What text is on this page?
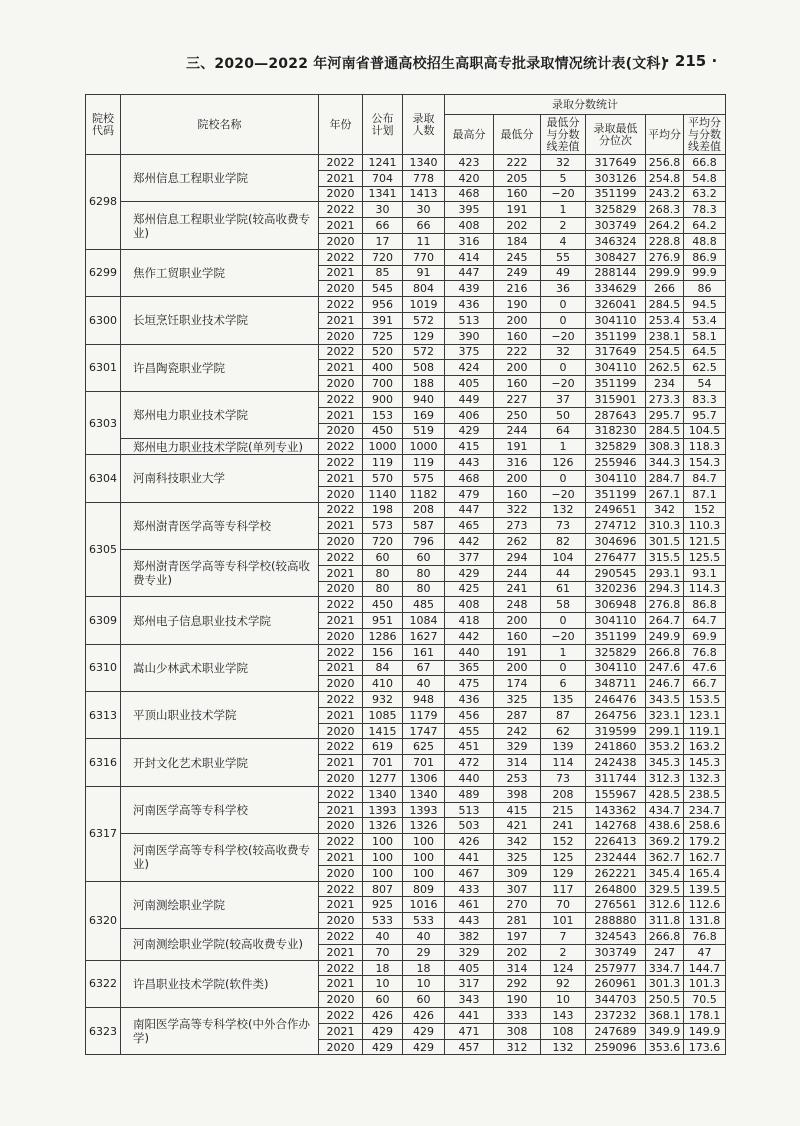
三、2020—2022 年河南省普通高校招生高职高专批录取情况统计表(文科)
· 215 ·
院校代码	院校名称	年份	公布计划	录取人数	录取分数统计					
					最高分	最低分	最低分与分数线差值	录取最低分位次	平均分	平均分与分数线差值
6298	郑州信息工程职业学院	2022	1241	1340	423	222	32	317649	256.8	66.8
		2021	704	778	420	205	5	303126	254.8	54.8
		2020	1341	1413	468	160	−20	351199	243.2	63.2
	郑州信息工程职业学院(较高收费专业)	2022	30	30	395	191	1	325829	268.3	78.3
		2021	66	66	408	202	2	303749	264.2	64.2
		2020	17	11	316	184	4	346324	228.8	48.8
6299	焦作工贸职业学院	2022	720	770	414	245	55	308427	276.9	86.9
		2021	85	91	447	249	49	288144	299.9	99.9
		2020	545	804	439	216	36	334629	266	86
6300	长垣烹饪职业技术学院	2022	956	1019	436	190	0	326041	284.5	94.5
		2021	391	572	513	200	0	304110	253.4	53.4
		2020	725	129	390	160	−20	351199	238.1	58.1
6301	许昌陶瓷职业学院	2022	520	572	375	222	32	317649	254.5	64.5
		2021	400	508	424	200	0	304110	262.5	62.5
		2020	700	188	405	160	−20	351199	234	54
6303	郑州电力职业技术学院	2022	900	940	449	227	37	315901	273.3	83.3
		2021	153	169	406	250	50	287643	295.7	95.7
		2020	450	519	429	244	64	318230	284.5	104.5
	郑州电力职业技术学院(单列专业)	2022	1000	1000	415	191	1	325829	308.3	118.3
6304	河南科技职业大学	2022	119	119	443	316	126	255946	344.3	154.3
		2021	570	575	468	200	0	304110	284.7	84.7
		2020	1140	1182	479	160	−20	351199	267.1	87.1
6305	郑州澍青医学高等专科学校	2022	198	208	447	322	132	249651	342	152
		2021	573	587	465	273	73	274712	310.3	110.3
		2020	720	796	442	262	82	304696	301.5	121.5
	郑州澍青医学高等专科学校(较高收费专业)	2022	60	60	377	294	104	276477	315.5	125.5
		2021	80	80	429	244	44	290545	293.1	93.1
		2020	80	80	425	241	61	320236	294.3	114.3
6309	郑州电子信息职业技术学院	2022	450	485	408	248	58	306948	276.8	86.8
		2021	951	1084	418	200	0	304110	264.7	64.7
		2020	1286	1627	442	160	−20	351199	249.9	69.9
6310	嵩山少林武术职业学院	2022	156	161	440	191	1	325829	266.8	76.8
		2021	84	67	365	200	0	304110	247.6	47.6
		2020	410	40	475	174	6	348711	246.7	66.7
6313	平顶山职业技术学院	2022	932	948	436	325	135	246476	343.5	153.5
		2021	1085	1179	456	287	87	264756	323.1	123.1
		2020	1415	1747	455	242	62	319599	299.1	119.1
6316	开封文化艺术职业学院	2022	619	625	451	329	139	241860	353.2	163.2
		2021	701	701	472	314	114	242438	345.3	145.3
		2020	1277	1306	440	253	73	311744	312.3	132.3
6317	河南医学高等专科学校	2022	1340	1340	489	398	208	155967	428.5	238.5
		2021	1393	1393	513	415	215	143362	434.7	234.7
		2020	1326	1326	503	421	241	142768	438.6	258.6
	河南医学高等专科学校(较高收费专业)	2022	100	100	426	342	152	226413	369.2	179.2
		2021	100	100	441	325	125	232444	362.7	162.7
		2020	100	100	467	309	129	262221	345.4	165.4
6320	河南测绘职业学院	2022	807	809	433	307	117	264800	329.5	139.5
		2021	925	1016	461	270	70	276561	312.6	112.6
		2020	533	533	443	281	101	288880	311.8	131.8
	河南测绘职业学院(较高收费专业)	2022	40	40	382	197	7	324543	266.8	76.8
		2021	70	29	329	202	2	303749	247	47
6322	许昌职业技术学院(软件类)	2022	18	18	405	314	124	257977	334.7	144.7
		2021	10	10	317	292	92	260961	301.3	101.3
		2020	60	60	343	190	10	344703	250.5	70.5
6323	南阳医学高等专科学校(中外合作办学)	2022	426	426	441	333	143	237232	368.1	178.1
		2021	429	429	471	308	108	247689	349.9	149.9
		2020	429	429	457	312	132	259096	353.6	173.6
